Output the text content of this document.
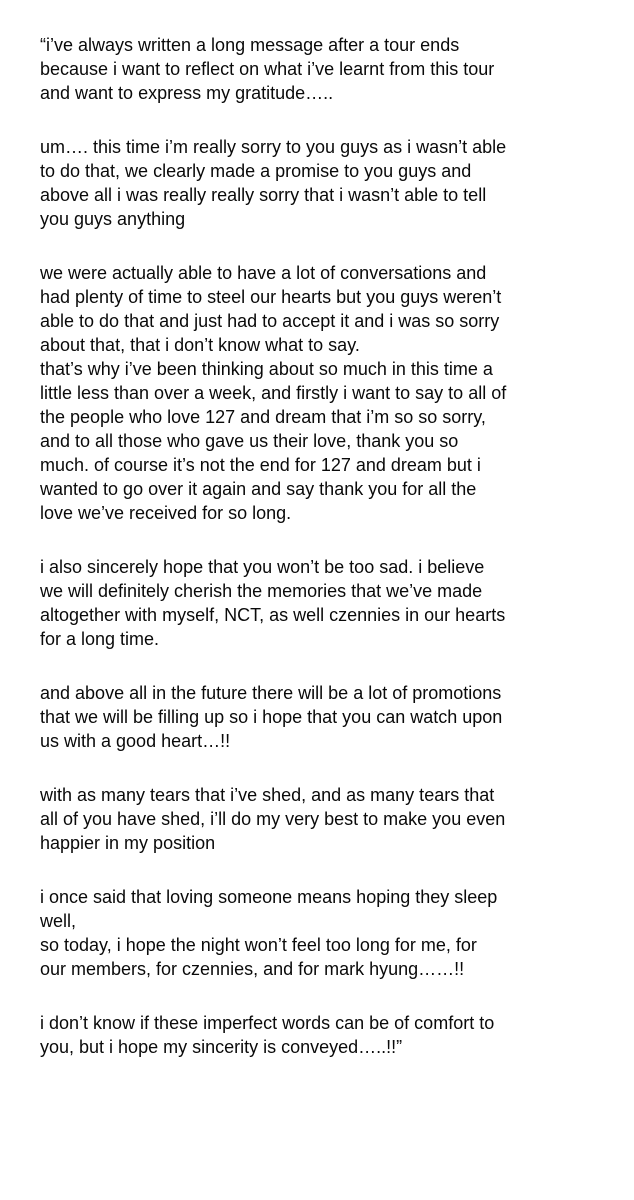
“i’ve always written a long message after a tour ends
because i want to reflect on what i’ve learnt from this tour
and want to express my gratitude…..

um…. this time i’m really sorry to you guys as i wasn’t able
to do that, we clearly made a promise to you guys and
above all i was really really sorry that i wasn’t able to tell
you guys anything

we were actually able to have a lot of conversations and
had plenty of time to steel our hearts but you guys weren’t
able to do that and just had to accept it and i was so sorry
about that, that i don’t know what to say.
that’s why i’ve been thinking about so much in this time a
little less than over a week, and firstly i want to say to all of
the people who love 127 and dream that i’m so so sorry,
and to all those who gave us their love, thank you so
much. of course it’s not the end for 127 and dream but i
wanted to go over it again and say thank you for all the
love we’ve received for so long.

i also sincerely hope that you won’t be too sad. i believe
we will definitely cherish the memories that we’ve made
altogether with myself, NCT, as well czennies in our hearts
for a long time.

and above all in the future there will be a lot of promotions
that we will be filling up so i hope that you can watch upon
us with a good heart…!!

with as many tears that i’ve shed, and as many tears that
all of you have shed, i’ll do my very best to make you even
happier in my position

i once said that loving someone means hoping they sleep
well,
so today, i hope the night won’t feel too long for me, for
our members, for czennies, and for mark hyung……!!

i don’t know if these imperfect words can be of comfort to
you, but i hope my sincerity is conveyed…..!!”
